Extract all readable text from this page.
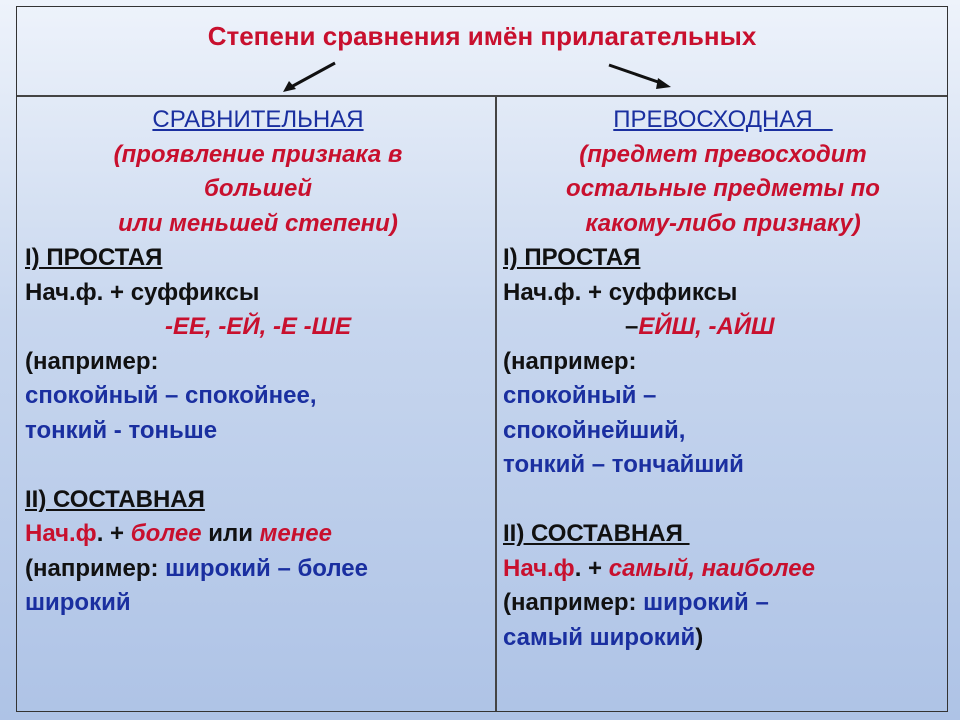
Степени сравнения имён прилагательных
СРАВНИТЕЛЬНАЯ
(проявление признака в
большей
или меньшей степени)
I) ПРОСТАЯ
Нач.ф. + суффиксы
-ЕЕ, -ЕЙ, -Е -ШЕ
(например:
спокойный – спокойнее,
тонкий - тоньше
II) СОСТАВНАЯ
Нач.ф. + более или менее
(например: широкий – более
широкий
ПРЕВОСХОДНАЯ
(предмет превосходит
остальные предметы по
какому-либо признаку)
I) ПРОСТАЯ
Нач.ф. + суффиксы
–ЕЙШ, -АЙШ
(например:
спокойный –
спокойнейший,
тонкий – тончайший
II) СОСТАВНАЯ
Нач.ф. + самый, наиболее
(например: широкий –
самый широкий)
